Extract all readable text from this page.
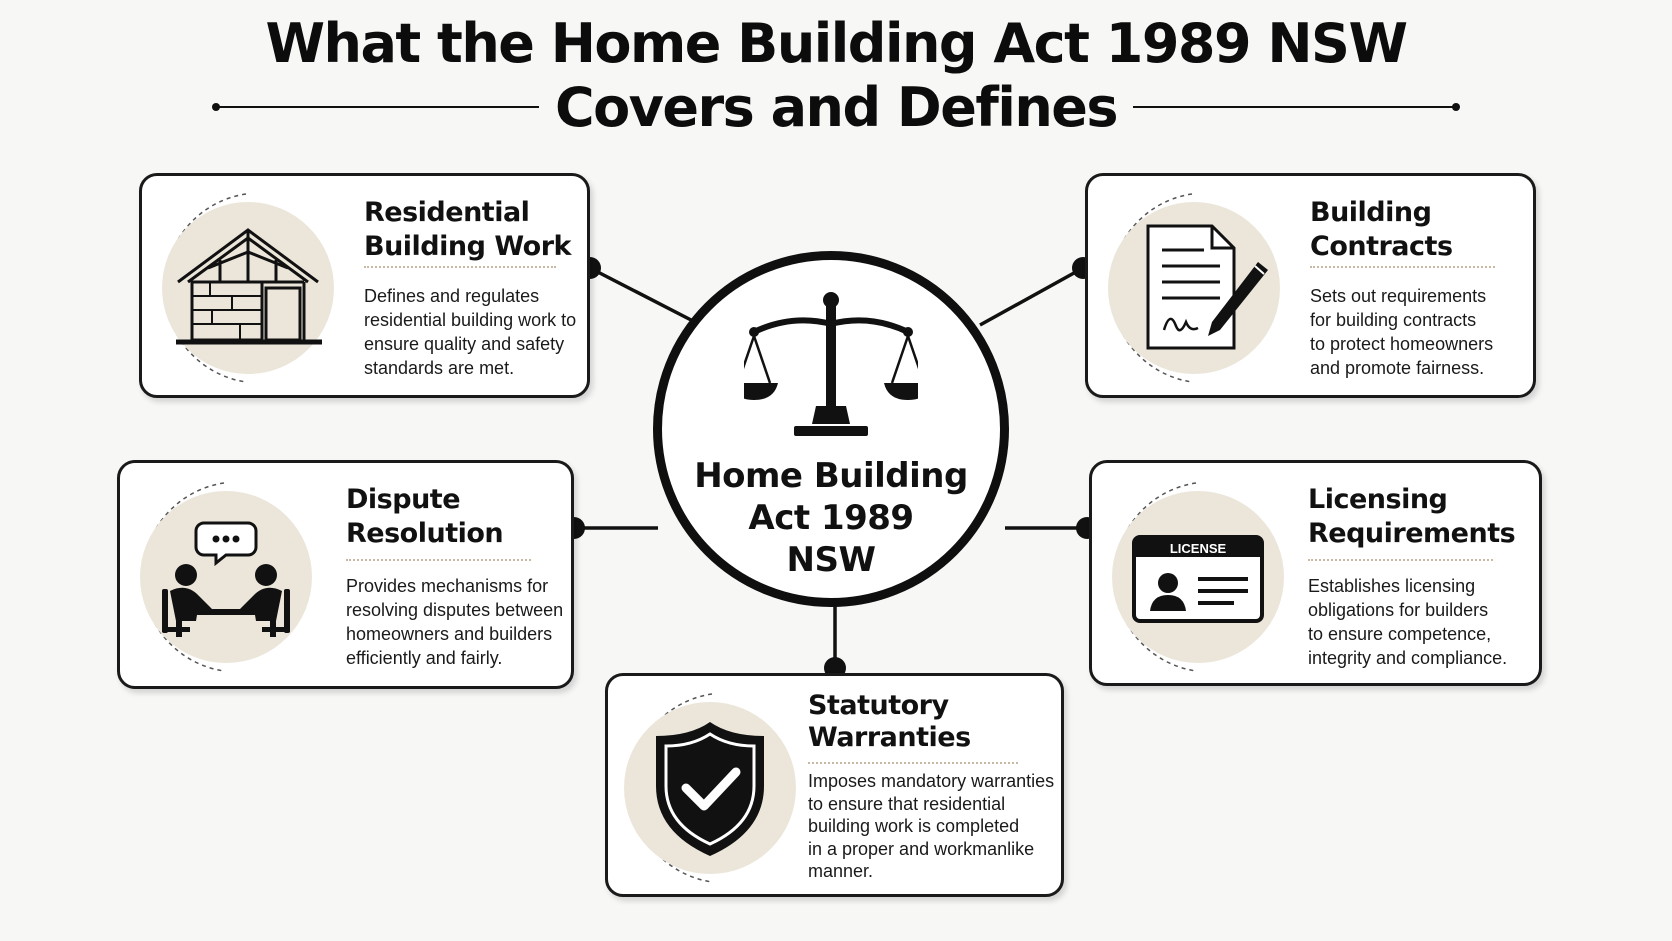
What the Home Building Act 1989 NSW
Covers and Defines
Home Building
Act 1989
NSW
Residential
Building Work
Defines and regulates
residential building work to
ensure quality and safety
standards are met.
Building
Contracts
Sets out requirements
for building contracts
to protect homeowners
and promote fairness.
Dispute
Resolution
Provides mechanisms for
resolving disputes between
homeowners and builders
efficiently and fairly.
LICENSE
Licensing
Requirements
Establishes licensing
obligations for builders
to ensure competence,
integrity and compliance.
Statutory
Warranties
Imposes mandatory warranties
to ensure that residential
building work is completed
in a proper and workmanlike
manner.
